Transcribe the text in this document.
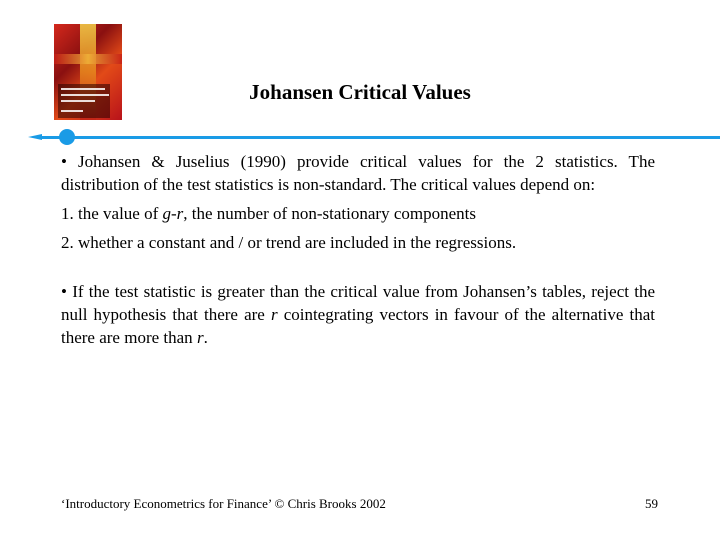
Johansen Critical Values

• Johansen & Juselius (1990) provide critical values for the 2 statistics. The distribution of the test statistics is non-standard. The critical values depend on:

1. the value of g-r, the number of non-stationary components

2. whether a constant and / or trend are included in the regressions.

• If the test statistic is greater than the critical value from Johansen’s tables, reject the null hypothesis that there are r cointegrating vectors in favour of the alternative that there are more than r.

‘Introductory Econometrics for Finance’ © Chris Brooks 2002	59
